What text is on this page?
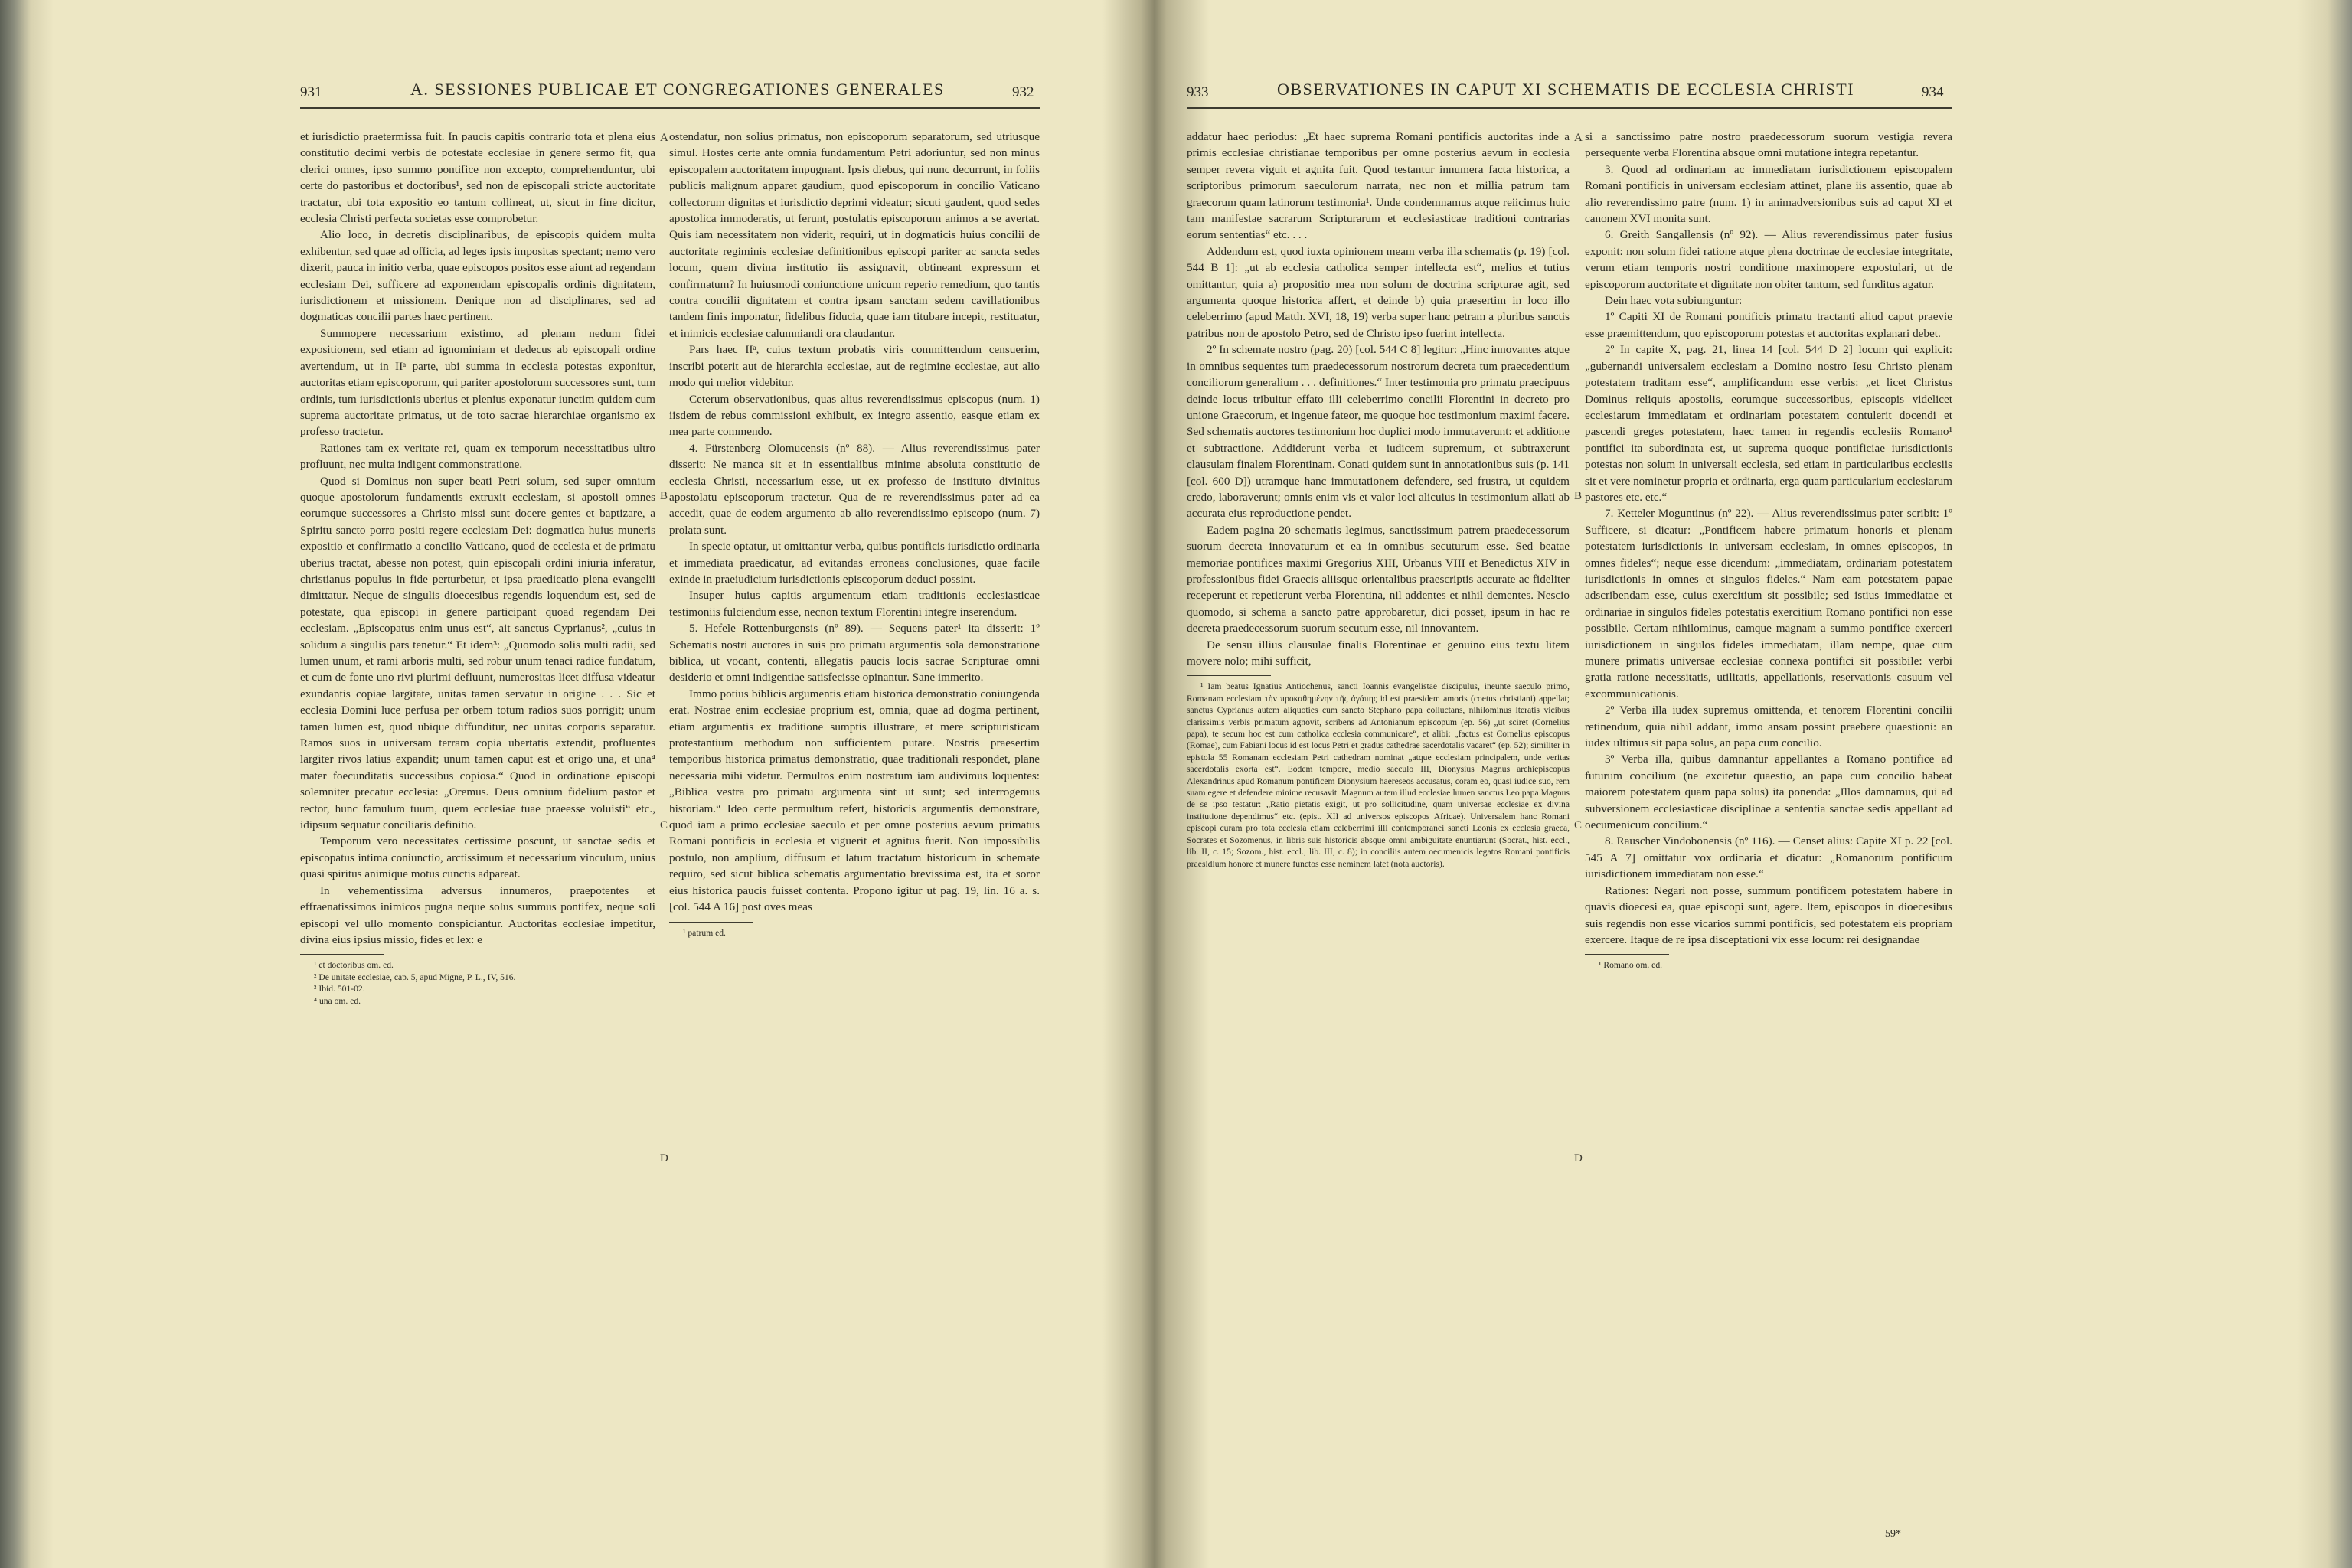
931	A. SESSIONES PUBLICAE ET CONGREGATIONES GENERALES	932

et iurisdictio praetermissa fuit. In paucis capitis contrario tota et plena eius constitutio decimi verbis de potestate ecclesiae in genere sermo fit, qua clerici omnes, ipso summo pontifice non excepto, comprehenduntur, ubi certe do pastoribus et doctoribus¹, sed non de episcopali stricte auctoritate tractatur, ubi tota expositio eo tantum collineat, ut, sicut in fine dicitur, ecclesia Christi perfecta societas esse comprobetur.

Alio loco, in decretis disciplinaribus, de episcopis quidem multa exhibentur, sed quae ad officia, ad leges ipsis impositas spectant; nemo vero dixerit, pauca in initio verba, quae episcopos positos esse aiunt ad regendam ecclesiam Dei, sufficere ad exponendam episcopalis ordinis dignitatem, iurisdictionem et missionem. Denique non ad disciplinares, sed ad dogmaticas concilii partes haec pertinent.

Summopere necessarium existimo, ad plenam nedum fidei expositionem, sed etiam ad ignominiam et dedecus ab episcopali ordine avertendum, ut in IIᵃ parte, ubi summa in ecclesia potestas exponitur, auctoritas etiam episcoporum, qui pariter apostolorum successores sunt, tum ordinis, tum iurisdictionis uberius et plenius exponatur iunctim quidem cum suprema auctoritate primatus, ut de toto sacrae hierarchiae organismo ex professo tractetur.

Rationes tam ex veritate rei, quam ex temporum necessitatibus ultro profluunt, nec multa indigent commonstratione.

Quod si Dominus non super beati Petri solum, sed super omnium quoque apostolorum fundamentis extruxit ecclesiam, si apostoli omnes eorumque successores a Christo missi sunt docere gentes et baptizare, a Spiritu sancto porro positi regere ecclesiam Dei: dogmatica huius muneris expositio et confirmatio a concilio Vaticano, quod de ecclesia et de primatu uberius tractat, abesse non potest, quin episcopali ordini iniuria inferatur, christianus populus in fide perturbetur, et ipsa praedicatio plena evangelii dimittatur. Neque de singulis dioecesibus regendis loquendum est, sed de potestate, qua episcopi in genere participant quoad regendam Dei ecclesiam. „Episcopatus enim unus est“, ait sanctus Cyprianus², „cuius in solidum a singulis pars tenetur.“ Et idem³: „Quomodo solis multi radii, sed lumen unum, et rami arboris multi, sed robur unum tenaci radice fundatum, et cum de fonte uno rivi plurimi defluunt, numerositas licet diffusa videatur exundantis copiae largitate, unitas tamen servatur in origine . . . Sic et ecclesia Domini luce perfusa per orbem totum radios suos porrigit; unum tamen lumen est, quod ubique diffunditur, nec unitas corporis separatur. Ramos suos in universam terram copia ubertatis extendit, profluentes largiter rivos latius expandit; unum tamen caput est et origo una, et una⁴ mater foecunditatis successibus copiosa.“ Quod in ordinatione episcopi solemniter precatur ecclesia: „Oremus. Deus omnium fidelium pastor et rector, hunc famulum tuum, quem ecclesiae tuae praeesse voluisti“ etc., idipsum sequatur conciliaris definitio.

Temporum vero necessitates certissime poscunt, ut sanctae sedis et episcopatus intima coniunctio, arctissimum et necessarium vinculum, unius quasi spiritus animique motus cunctis adpareat.

In vehementissima adversus innumeros, praepotentes et effraenatissimos inimicos pugna neque solus summus pontifex, neque soli episcopi vel ullo momento conspiciantur. Auctoritas ecclesiae impetitur, divina eius ipsius missio, fides et lex: e

¹ et doctoribus om. ed.

² De unitate ecclesiae, cap. 5, apud Migne, P. L., IV, 516.

³ Ibid. 501-02.

⁴ una om. ed.

A
B
C
D

ostendatur, non solius primatus, non episcoporum separatorum, sed utriusque simul. Hostes certe ante omnia fundamentum Petri adoriuntur, sed non minus episcopalem auctoritatem impugnant. Ipsis diebus, qui nunc decurrunt, in foliis publicis malignum apparet gaudium, quod episcoporum in concilio Vaticano collectorum dignitas et iurisdictio deprimi videatur; sicuti gaudent, quod sedes apostolica immoderatis, ut ferunt, postulatis episcoporum animos a se avertat. Quis iam necessitatem non viderit, requiri, ut in dogmaticis huius concilii de auctoritate regiminis ecclesiae definitionibus episcopi pariter ac sancta sedes locum, quem divina institutio iis assignavit, obtineant expressum et confirmatum? In huiusmodi coniunctione unicum reperio remedium, quo tantis contra concilii dignitatem et contra ipsam sanctam sedem cavillationibus tandem finis imponatur, fidelibus fiducia, quae iam titubare incepit, restituatur, et inimicis ecclesiae calumniandi ora claudantur.

Pars haec IIᵃ, cuius textum probatis viris committendum censuerim, inscribi poterit aut de hierarchia ecclesiae, aut de regimine ecclesiae, aut alio modo qui melior videbitur.

Ceterum observationibus, quas alius reverendissimus episcopus (num. 1) iisdem de rebus commissioni exhibuit, ex integro assentio, easque etiam ex mea parte commendo.

4. Fürstenberg Olomucensis (nº 88). — Alius reverendissimus pater disserit: Ne manca sit et in essentialibus minime absoluta constitutio de ecclesia Christi, necessarium esse, ut ex professo de instituto divinitus apostolatu episcoporum tractetur. Qua de re reverendissimus pater ad ea accedit, quae de eodem argumento ab alio reverendissimo episcopo (num. 7) prolata sunt.

In specie optatur, ut omittantur verba, quibus pontificis iurisdictio ordinaria et immediata praedicatur, ad evitandas erroneas conclusiones, quae facile exinde in praeiudicium iurisdictionis episcoporum deduci possint.

Insuper huius capitis argumentum etiam traditionis ecclesiasticae testimoniis fulciendum esse, necnon textum Florentini integre inserendum.

5. Hefele Rottenburgensis (nº 89). — Sequens pater¹ ita disserit: 1º Schematis nostri auctores in suis pro primatu argumentis sola demonstratione biblica, ut vocant, contenti, allegatis paucis locis sacrae Scripturae omni desiderio et omni indigentiae satisfecisse opinantur. Sane immerito.

Immo potius biblicis argumentis etiam historica demonstratio coniungenda erat. Nostrae enim ecclesiae proprium est, omnia, quae ad dogma pertinent, etiam argumentis ex traditione sumptis illustrare, et mere scripturisticam protestantium methodum non sufficientem putare. Nostris praesertim temporibus historica primatus demonstratio, quae traditionali respondet, plane necessaria mihi videtur. Permultos enim nostratum iam audivimus loquentes: „Biblica vestra pro primatu argumenta sint ut sunt; sed interrogemus historiam.“ Ideo certe permultum refert, historicis argumentis demonstrare, quod iam a primo ecclesiae saeculo et per omne posterius aevum primatus Romani pontificis in ecclesia et viguerit et agnitus fuerit. Non impossibilis postulo, non amplium, diffusum et latum tractatum historicum in schemate requiro, sed sicut biblica schematis argumentatio brevissima est, ita et soror eius historica paucis fuisset contenta. Propono igitur ut pag. 19, lin. 16 a. s. [col. 544 A 16] post oves meas

¹ patrum ed.

933	OBSERVATIONES IN CAPUT XI SCHEMATIS DE ECCLESIA CHRISTI	934

addatur haec periodus: „Et haec suprema Romani pontificis auctoritas inde a primis ecclesiae christianae temporibus per omne posterius aevum in ecclesia semper revera viguit et agnita fuit. Quod testantur innumera facta historica, a scriptoribus primorum saeculorum narrata, nec non et millia patrum tam graecorum quam latinorum testimonia¹. Unde condemnamus atque reiicimus huic tam manifestae sacrarum Scripturarum et ecclesiasticae traditioni contrarias eorum sententias“ etc. . . .

Addendum est, quod iuxta opinionem meam verba illa schematis (p. 19) [col. 544 B 1]: „ut ab ecclesia catholica semper intellecta est“, melius et tutius omittantur, quia a) propositio mea non solum de doctrina scripturae agit, sed argumenta quoque historica affert, et deinde b) quia praesertim in loco illo celeberrimo (apud Matth. XVI, 18, 19) verba super hanc petram a pluribus sanctis patribus non de apostolo Petro, sed de Christo ipso fuerint intellecta.

2º In schemate nostro (pag. 20) [col. 544 C 8] legitur: „Hinc innovantes atque in omnibus sequentes tum praedecessorum nostrorum decreta tum praecedentium conciliorum generalium . . . definitiones.“ Inter testimonia pro primatu praecipuus deinde locus tribuitur effato illi celeberrimo concilii Florentini in decreto pro unione Graecorum, et ingenue fateor, me quoque hoc testimonium maximi facere. Sed schematis auctores testimonium hoc duplici modo immutaverunt: et additione et subtractione. Addiderunt verba et iudicem supremum, et subtraxerunt clausulam finalem Florentinam. Conati quidem sunt in annotationibus suis (p. 141 [col. 600 D]) utramque hanc immutationem defendere, sed frustra, ut equidem credo, laboraverunt; omnis enim vis et valor loci alicuius in testimonium allati ab accurata eius reproductione pendet.

Eadem pagina 20 schematis legimus, sanctissimum patrem praedecessorum suorum decreta innovaturum et ea in omnibus secuturum esse. Sed beatae memoriae pontifices maximi Gregorius XIII, Urbanus VIII et Benedictus XIV in professionibus fidei Graecis aliisque orientalibus praescriptis accurate ac fideliter receperunt et repetierunt verba Florentina, nil addentes et nihil dementes. Nescio quomodo, si schema a sancto patre approbaretur, dici posset, ipsum in hac re decreta praedecessorum suorum secutum esse, nil innovantem.

De sensu illius clausulae finalis Florentinae et genuino eius textu litem movere nolo; mihi sufficit,

¹ Iam beatus Ignatius Antiochenus, sancti Ioannis evangelistae discipulus, ineunte saeculo primo, Romanam ecclesiam τὴν προκαθημένην τῆς ἀγάπης id est praesidem amoris (coetus christiani) appellat; sanctus Cyprianus autem aliquoties cum sancto Stephano papa colluctans, nihilominus iteratis vicibus clarissimis verbis primatum agnovit, scribens ad Antonianum episcopum (ep. 56) „ut sciret (Cornelius papa), te secum hoc est cum catholica ecclesia communicare“, et alibi: „factus est Cornelius episcopus (Romae), cum Fabiani locus id est locus Petri et gradus cathedrae sacerdotalis vacaret“ (ep. 52); similiter in epistola 55 Romanam ecclesiam Petri cathedram nominat „atque ecclesiam principalem, unde veritas sacerdotalis exorta est“. Eodem tempore, medio saeculo III, Dionysius Magnus archiepiscopus Alexandrinus apud Romanum pontificem Dionysium haereseos accusatus, coram eo, quasi iudice suo, rem suam egere et defendere minime recusavit. Magnum autem illud ecclesiae lumen sanctus Leo papa Magnus de se ipso testatur: „Ratio pietatis exigit, ut pro sollicitudine, quam universae ecclesiae ex divina institutione dependimus“ etc. (epist. XII ad universos episcopos Africae). Universalem hanc Romani episcopi curam pro tota ecclesia etiam celeberrimi illi contemporanei sancti Leonis ex ecclesia graeca, Socrates et Sozomenus, in libris suis historicis absque omni ambiguitate enuntiarunt (Socrat., hist. eccl., lib. II, c. 15; Sozom., hist. eccl., lib. III, c. 8); in conciliis autem oecumenicis legatos Romani pontificis praesidium honore et munere functos esse neminem latet (nota auctoris).

A
B
C
D

si a sanctissimo patre nostro praedecessorum suorum vestigia revera persequente verba Florentina absque omni mutatione integra repetantur.

3. Quod ad ordinariam ac immediatam iurisdictionem episcopalem Romani pontificis in universam ecclesiam attinet, plane iis assentio, quae ab alio reverendissimo patre (num. 1) in animadversionibus suis ad caput XI et canonem XVI monita sunt.

6. Greith Sangallensis (nº 92). — Alius reverendissimus pater fusius exponit: non solum fidei ratione atque plena doctrinae de ecclesiae integritate, verum etiam temporis nostri conditione maximopere expostulari, ut de episcoporum auctoritate et dignitate non obiter tantum, sed funditus agatur.

Dein haec vota subiunguntur:

1º Capiti XI de Romani pontificis primatu tractanti aliud caput praevie esse praemittendum, quo episcoporum potestas et auctoritas explanari debet.

2º In capite X, pag. 21, linea 14 [col. 544 D 2] locum qui explicit: „gubernandi universalem ecclesiam a Domino nostro Iesu Christo plenam potestatem traditam esse“, amplificandum esse verbis: „et licet Christus Dominus reliquis apostolis, eorumque successoribus, episcopis videlicet ecclesiarum immediatam et ordinariam potestatem contulerit docendi et pascendi greges potestatem, haec tamen in regendis ecclesiis Romano¹ pontifici ita subordinata est, ut suprema quoque pontificiae iurisdictionis potestas non solum in universali ecclesia, sed etiam in particularibus ecclesiis sit et vere nominetur propria et ordinaria, erga quam particularium ecclesiarum pastores etc. etc.“

7. Ketteler Moguntinus (nº 22). — Alius reverendissimus pater scribit: 1º Sufficere, si dicatur: „Pontificem habere primatum honoris et plenam potestatem iurisdictionis in universam ecclesiam, in omnes episcopos, in omnes fideles“; neque esse dicendum: „immediatam, ordinariam potestatem iurisdictionis in omnes et singulos fideles.“ Nam eam potestatem papae adscribendam esse, cuius exercitium sit possibile; sed istius immediatae et ordinariae in singulos fideles potestatis exercitium Romano pontifici non esse possibile. Certam nihilominus, eamque magnam a summo pontifice exerceri iurisdictionem in singulos fideles immediatam, illam nempe, quae cum munere primatis universae ecclesiae connexa pontifici sit possibile: verbi gratia ratione necessitatis, utilitatis, appellationis, reservationis casuum vel excommunicationis.

2º Verba illa iudex supremus omittenda, et tenorem Florentini concilii retinendum, quia nihil addant, immo ansam possint praebere quaestioni: an iudex ultimus sit papa solus, an papa cum concilio.

3º Verba illa, quibus damnantur appellantes a Romano pontifice ad futurum concilium (ne excitetur quaestio, an papa cum concilio habeat maiorem potestatem quam papa solus) ita ponenda: „Illos damnamus, qui ad subversionem ecclesiasticae disciplinae a sententia sanctae sedis appellant ad oecumenicum concilium.“

8. Rauscher Vindobonensis (nº 116). — Censet alius: Capite XI p. 22 [col. 545 A 7] omittatur vox ordinaria et dicatur: „Romanorum pontificum iurisdictionem immediatam non esse.“

Rationes: Negari non posse, summum pontificem potestatem habere in quavis dioecesi ea, quae episcopi sunt, agere. Item, episcopos in dioecesibus suis regendis non esse vicarios summi pontificis, sed potestatem eis propriam exercere. Itaque de re ipsa disceptationi vix esse locum: rei designandae

¹ Romano om. ed.

59*
